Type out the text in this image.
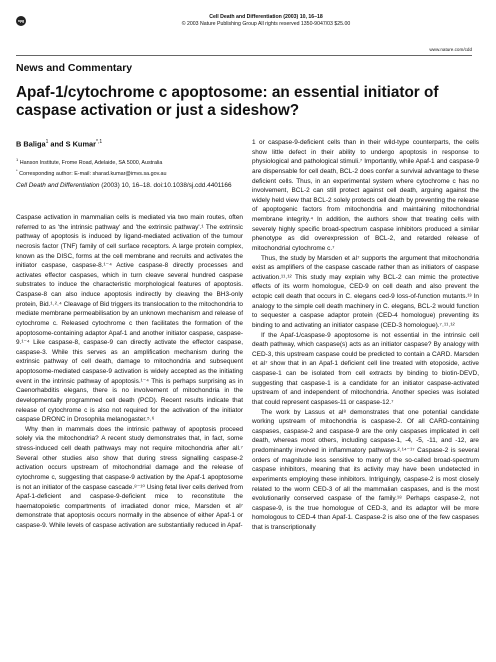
npg
Cell Death and Differentiation (2003) 10, 16–18
© 2003 Nature Publishing Group All rights reserved 1350-9047/03 $25.00
www.nature.com/cdd
News and Commentary
Apaf-1/cytochrome c apoptosome: an essential initiator of caspase activation or just a sideshow?
B Baliga$^1$ and S Kumar$^{*,1}$
$^1$ Hanson Institute, Frome Road, Adelaide, SA 5000, Australia
* Corresponding author: E-mail: sharad.kumar@imvs.sa.gov.au
Cell Death and Differentiation (2003) 10, 16–18. doi:10.1038/sj.cdd.4401166

Caspase activation in mammalian cells is mediated via two main routes, often referred to as 'the intrinsic pathway' and 'the extrinsic pathway'.¹ The extrinsic pathway of apoptosis is induced by ligand-mediated activation of the tumour necrosis factor (TNF) family of cell surface receptors. A large protein complex, known as the DISC, forms at the cell membrane and recruits and activates the initiator caspase, caspase-8.¹⁻⁴ Active caspase-8 directly processes and activates effector caspases, which in turn cleave several hundred caspase substrates to induce the characteristic morphological features of apoptosis. Caspase-8 can also induce apoptosis indirectly by cleaving the BH3-only protein, Bid.¹˒²˒⁴ Cleavage of Bid triggers its translocation to the mitochondria to mediate membrane permeabilisation by an unknown mechanism and release of cytochrome c. Released cytochrome c then facilitates the formation of the apoptosome-containing adaptor Apaf-1 and another initiator caspase, caspase-9.¹⁻⁴ Like caspase-8, caspase-9 can directly activate the effector caspase, caspase-3. While this serves as an amplification mechanism during the extrinsic pathway of cell death, damage to mitochondria and subsequent apoptosome-mediated caspase-9 activation is widely accepted as the initiating event in the intrinsic pathway of apoptosis.¹⁻⁴ This is perhaps surprising as in Caenorhabditis elegans, there is no involvement of mitochondria in the developmentally programmed cell death (PCD). Recent results indicate that release of cytochrome c is also not required for the activation of the initiator caspase DRONC in Drosophila melanogaster.⁵˒⁶

Why then in mammals does the intrinsic pathway of apoptosis proceed solely via the mitochondria? A recent study demonstrates that, in fact, some stress-induced cell death pathways may not require mitochondria after all.⁷ Several other studies also show that during stress signalling caspase-2 activation occurs upstream of mitochondrial damage and the release of cytochrome c, suggesting that caspase-9 activation by the Apaf-1 apoptosome is not an initiator of the caspase cascade.⁸⁻¹⁰ Using fetal liver cells derived from Apaf-1-deficient and caspase-9-deficient mice to reconstitute the haematopoietic compartments of irradiated donor mice, Marsden et al⁷ demonstrate that apoptosis occurs normally in the absence of either Apaf-1 or caspase-9. While levels of caspase activation are substantially reduced in Apaf-

1 or caspase-9-deficient cells than in their wild-type counterparts, the cells show little defect in their ability to undergo apoptosis in response to physiological and pathological stimuli.⁷ Importantly, while Apaf-1 and caspase-9 are dispensable for cell death, BCL-2 does confer a survival advantage to these deficient cells. Thus, in an experimental system where cytochrome c has no involvement, BCL-2 can still protect against cell death, arguing against the widely held view that BCL-2 solely protects cell death by preventing the release of apoptogenic factors from mitochondria and maintaining mitochondrial membrane integrity.⁴ In addition, the authors show that treating cells with severely highly specific broad-spectrum caspase inhibitors produced a similar phenotype as did overexpression of BCL-2, and retarded release of mitochondrial cytochrome c.⁷

Thus, the study by Marsden et al⁷ supports the argument that mitochondria exist as amplifiers of the caspase cascade rather than as initiators of caspase activation.¹¹˒¹² This study may explain why BCL-2 can mimic the protective effects of its worm homologue, CED-9 on cell death and also prevent the ectopic cell death that occurs in C. elegans ced-9 loss-of-function mutants.¹³ In analogy to the simple cell death machinery in C. elegans, BCL-2 would function to sequester a caspase adaptor protein (CED-4 homologue) preventing its binding to and activating an initiator caspase (CED-3 homologue).⁷˒¹¹˒¹²

If the Apaf-1/caspase-9 apoptosome is not essential in the intrinsic cell death pathway, which caspase(s) acts as an initiator caspase? By analogy with CED-3, this upstream caspase could be predicted to contain a CARD. Marsden et al⁷ show that in an Apaf-1 deficient cell line treated with etoposide, active caspase-1 can be isolated from cell extracts by binding to biotin-DEVD, suggesting that caspase-1 is a candidate for an initiator caspase-activated upstream of and independent of mitochondria. Another species was isolated that could represent caspases-11 or caspase-12.⁷

The work by Lassus et al⁸ demonstrates that one potential candidate working upstream of mitochondria is caspase-2. Of all CARD-containing caspases, caspase-2 and caspase-9 are the only caspases implicated in cell death, whereas most others, including caspase-1, -4, -5, -11, and -12, are predominantly involved in inflammatory pathways.²˒¹⁴⁻¹⁷ Caspase-2 is several orders of magnitude less sensitive to many of the so-called broad-spectrum caspase inhibitors, meaning that its activity may have been undetected in experiments employing these inhibitors. Intriguingly, caspase-2 is most closely related to the worm CED-3 of all the mammalian caspases, and is the most evolutionarily conserved caspase of the family.¹⁸ Perhaps caspase-2, not caspase-9, is the true homologue of CED-3, and its adaptor will be more homologous to CED-4 than Apaf-1. Caspase-2 is also one of the few caspases that is transcriptionally
